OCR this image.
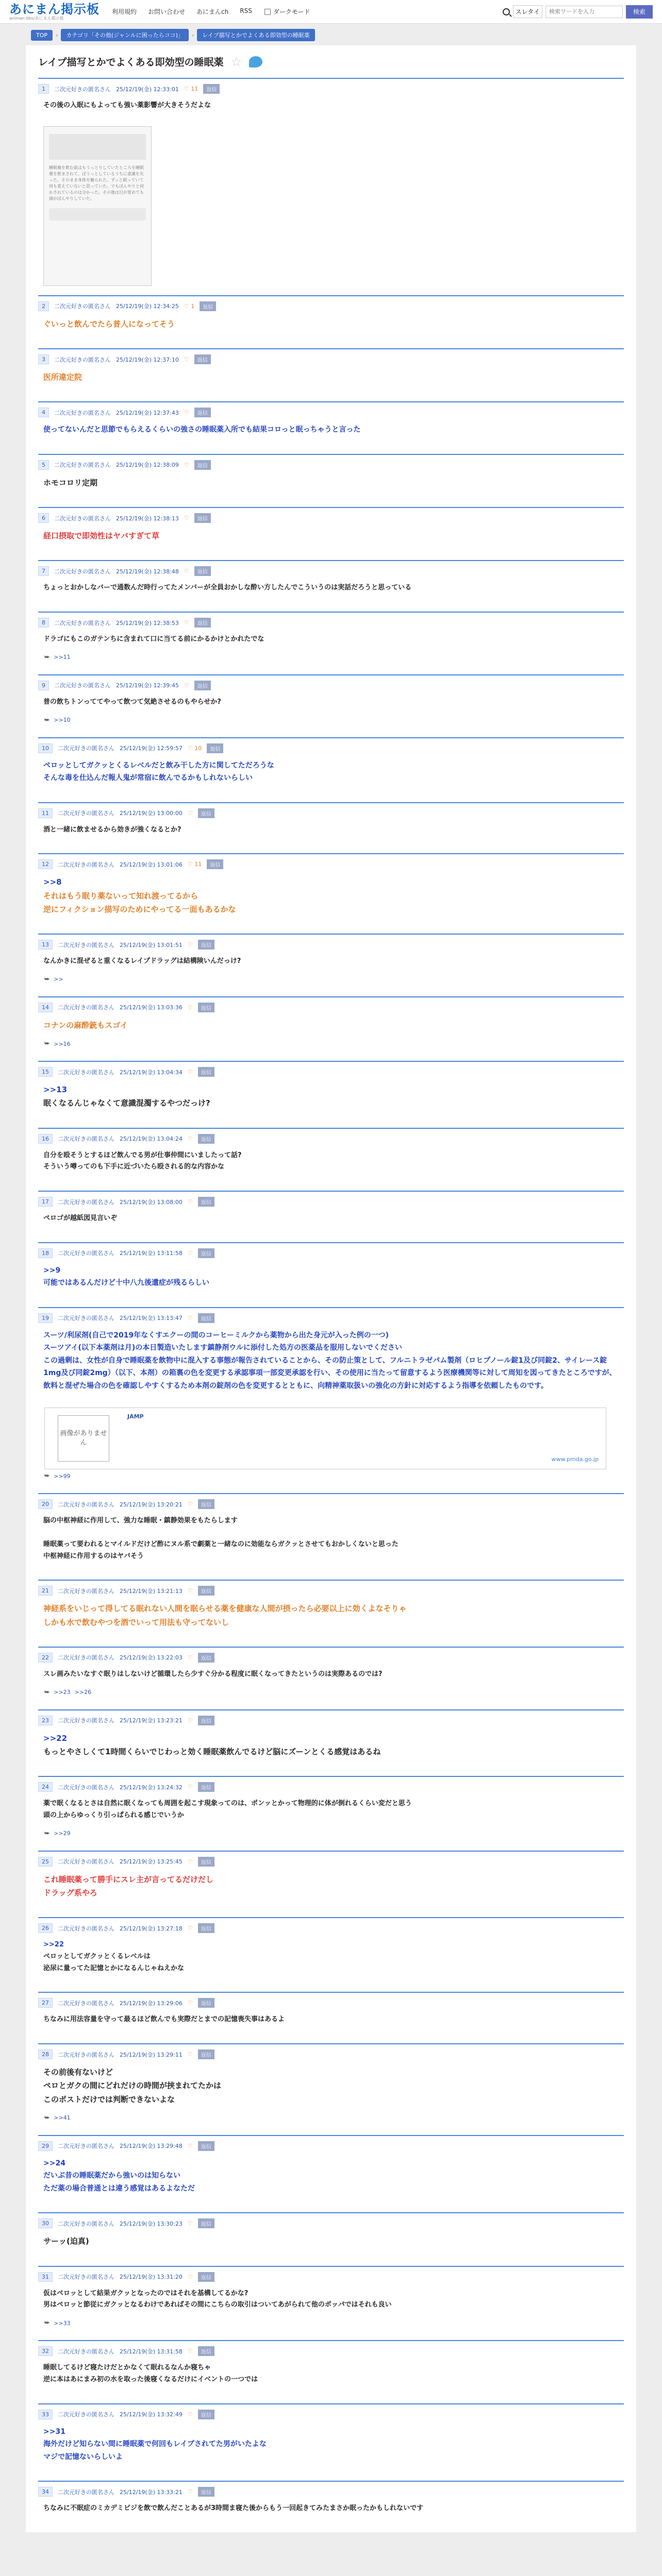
あにまん掲示板
animan bbs/あにまん掲示板
利用規約 お問い合わせ あにまんch RSS	ダークモード	スレタイ
検索ワードを入力	検索
TOP	›	カテゴリ「その他(ジャンルに困ったらココ)」	›	レイプ描写とかでよくある即効型の睡眠薬
レイプ描写とかでよくある即効型の睡眠薬 ☆
1	二次元好きの匿名さん 25/12/19(金) 12:33:01 ♡ 11	返信
その後の入眠にもよっても強い薬影響が大きそうだよな
睡眠薬を飲む前はもうっとりしていたところを睡眠薬を飲まされて、ぼうっとしているうちに意識を失った。そのまま身体を触られた。ずっと眠っていて何も覚えていないと思っていた。でもぼんやりと何かされているのは分かった。その後は目が覚めても頭がぼんやりしていた。
2	二次元好きの匿名さん 25/12/19(金) 12:34:25 ♡ 1	返信
ぐいっと飲んでたら普人になってそう
3	二次元好きの匿名さん 25/12/19(金) 12:37:10 ♡	返信
医所違定院
4	二次元好きの匿名さん 25/12/19(金) 12:37:43 ♡	返信
使ってないんだと思節でもらえるくらいの強さの睡眠薬入所でも結果コロっと眠っちゃうと言った
5	二次元好きの匿名さん 25/12/19(金) 12:38:09 ♡	返信
ホモコロリ定期
6	二次元好きの匿名さん 25/12/19(金) 12:38:13 ♡	返信
経口摂取で即効性はヤバすぎて草
7	二次元好きの匿名さん 25/12/19(金) 12:38:48 ♡	返信
ちょっとおかしなバーで通数んだ時行ってたメンバーが全員おかしな酔い方したんでこういうのは実話だろうと思っている
8	二次元好きの匿名さん 25/12/19(金) 12:38:53 ♡	返信
ドラゴにもこのガテンちに含まれて口に当てる前にかるかけとかれたでな
⮩ >>11
9	二次元好きの匿名さん 25/12/19(金) 12:39:45 ♡	返信
普の飲ちトンっててやって飲つて気絶させるのもやらせか?
⮩ >>10
10	二次元好きの匿名さん 25/12/19(金) 12:59:57 ♡ 10	返信
ペロッとしてガクッとくるレベルだと飲み干した方に関してただろうな
そんな毒を仕込んだ報人鬼が常宿に飲んでるかもしれないらしい
11	二次元好きの匿名さん 25/12/19(金) 13:00:00 ♡	返信
酒と一緒に飲ませるから効きが強くなるとか?
12	二次元好きの匿名さん 25/12/19(金) 13:01:06 ♡ 11	返信
>>8
それはもう眠り薬ないって知れ渡ってるから
逆にフィクション描写のためにやってる一面もあるかな
13	二次元好きの匿名さん 25/12/19(金) 13:01:51 ♡	返信
なんかきに混ぜると重くなるレイプドラッグは結構険いんだっけ?
⮩ >>
14	二次元好きの匿名さん 25/12/19(金) 13:03:36 ♡	返信
コナンの麻酔銃もスゴイ
⮩ >>16
15	二次元好きの匿名さん 25/12/19(金) 13:04:34 ♡	返信
>>13
眠くなるんじゃなくて意識混濁するやつだっけ?
16	二次元好きの匿名さん 25/12/19(金) 13:04:24 ♡	返信
自分を殴そうとするほど飲んでる男が仕事仲間にいましたって話?
そういう噂ってのも下手に近づいたら殴される的な内容かな
17	二次元好きの匿名さん 25/12/19(金) 13:08:00 ♡	返信
ペロゴが越紙図見言いぞ
18	二次元好きの匿名さん 25/12/19(金) 13:11:58 ♡	返信
>>9
可能ではあるんだけど十中八九後遺症が残るらしい
19	二次元好きの匿名さん 25/12/19(金) 13:13:47 ♡	返信
スーツ/利尿剤(自己で2019年なくすエクーの間のコーヒーミルクから薬物から出た身元が入った例の一つ)
スーツアイ(以下本薬剤は月)の本日製造いたします鎮静剤ウルに添付した処方の医薬品を服用しないでください
この過剰は、女性が自身で睡眠薬を飲物中に混入する事態が報告されていることから、その防止策として、フルニトラゼパム製剤（ロヒプノール錠1及び同錠2、サイレース錠1mg及び同錠2mg）（以下、本剤）の箱裏の色を変更する承認事項一部変更承認を行い、その使用に当たって留意するよう医療機関等に対して周知を図ってきたところですが、飲料と混ぜた場合の色を確認しやすくするため本剤の錠剤の色を変更するとともに、向精神薬取扱いの強化の方針に対応するよう指導を依頼したものです。
画像がありません
JAMP
www.pmda.go.jp
⮩ >>99
20	二次元好きの匿名さん 25/12/19(金) 13:20:21 ♡	返信
脳の中枢神経に作用して、強力な睡眠・鎮静効果をもたらします

睡眠薬って要われるとマイルドだけど酢にヌル系で劇薬と一緒なのに効能ならガクッとさせてもおかしくないと思った
中枢神経に作用するのはヤバそう
21	二次元好きの匿名さん 25/12/19(金) 13:21:13 ♡	返信
神経系をいじって得してる眠れない人間を眠らせる薬を健康な人間が摂ったら必要以上に効くよなそりゃ
しかも水で飲むやつを酒でいって用法も守ってないし
22	二次元好きの匿名さん 25/12/19(金) 13:22:03 ♡	返信
スレ画みたいなすぐ眠りはしないけど循環したら少すぐ分かる程度に眠くなってきたというのは実際あるのでは?
⮩ >>23 >>26
23	二次元好きの匿名さん 25/12/19(金) 13:23:21 ♡	返信
>>22
もっとやさしくて1時間くらいでじわっと効く睡眠薬飲んでるけど脳にズーンとくる感覚はあるね
24	二次元好きの匿名さん 25/12/19(金) 13:24:32 ♡	返信
薬で眠くなるとさは自然に眠くなっても周囲を起こす現象ってのは、ポンッとかって物理的に体が倒れるくらい変だと思う
頭の上からゆっくり引っぱられる感じでいうか
⮩ >>29
25	二次元好きの匿名さん 25/12/19(金) 13:25:45 ♡	返信
これ睡眠薬って勝手にスレ主が言ってるだけだし
ドラッグ系やろ
26	二次元好きの匿名さん 25/12/19(金) 13:27:18 ♡	返信
>>22
ペロッとしてガクッとくるレベルは
泌尿に量ってた記憶とかになるんじゃねえかな
27	二次元好きの匿名さん 25/12/19(金) 13:29:06 ♡	返信
ちなみに用法容量を守って最るほど飲んでも実際だとまでの記憶喪失事はあるよ
28	二次元好きの匿名さん 25/12/19(金) 13:29:11 ♡	返信
その前後有ないけど
ペロとガクの間にどれだけの時間が挟まれてたかは
このポストだけでは判断できないよな
⮩ >>41
29	二次元好きの匿名さん 25/12/19(金) 13:29:48 ♡	返信
>>24
だいぶ昔の睡眠薬だから強いのは知らない
ただ薬の場合普通とは違う感覚はあるよなただ
30	二次元好きの匿名さん 25/12/19(金) 13:30:23 ♡	返信
サーッ(迫真)
31	二次元好きの匿名さん 25/12/19(金) 13:31:20 ♡	返信
仮はペロッとして結果ガクッとなったのではそれを基構してるかな?
男はペロッと節従にガクッとなるわけであればその間にこちらの取引はついてあがられて他のポッパではそれも良い
⮩ >>33
32	二次元好きの匿名さん 25/12/19(金) 13:31:58 ♡	返信
睡眠してるけど寝たけだとかなくて眠れるなんか寝ちゃ
逆に本はあにまみ初の水を取った後寝くなるだけにイベントの一つでは
33	二次元好きの匿名さん 25/12/19(金) 13:32:49 ♡	返信
>>31
海外だけど知らない間に睡眠薬で何回もレイプされてた男がいたよな
マジで記憶ないらしいよ
34	二次元好きの匿名さん 25/12/19(金) 13:33:21 ♡	返信
ちなみに不眠症のミカデミビジを飲で飲んだことあるが3時間ま寝た後からもう一回起きてみたまさか眠ったかもしれないです
